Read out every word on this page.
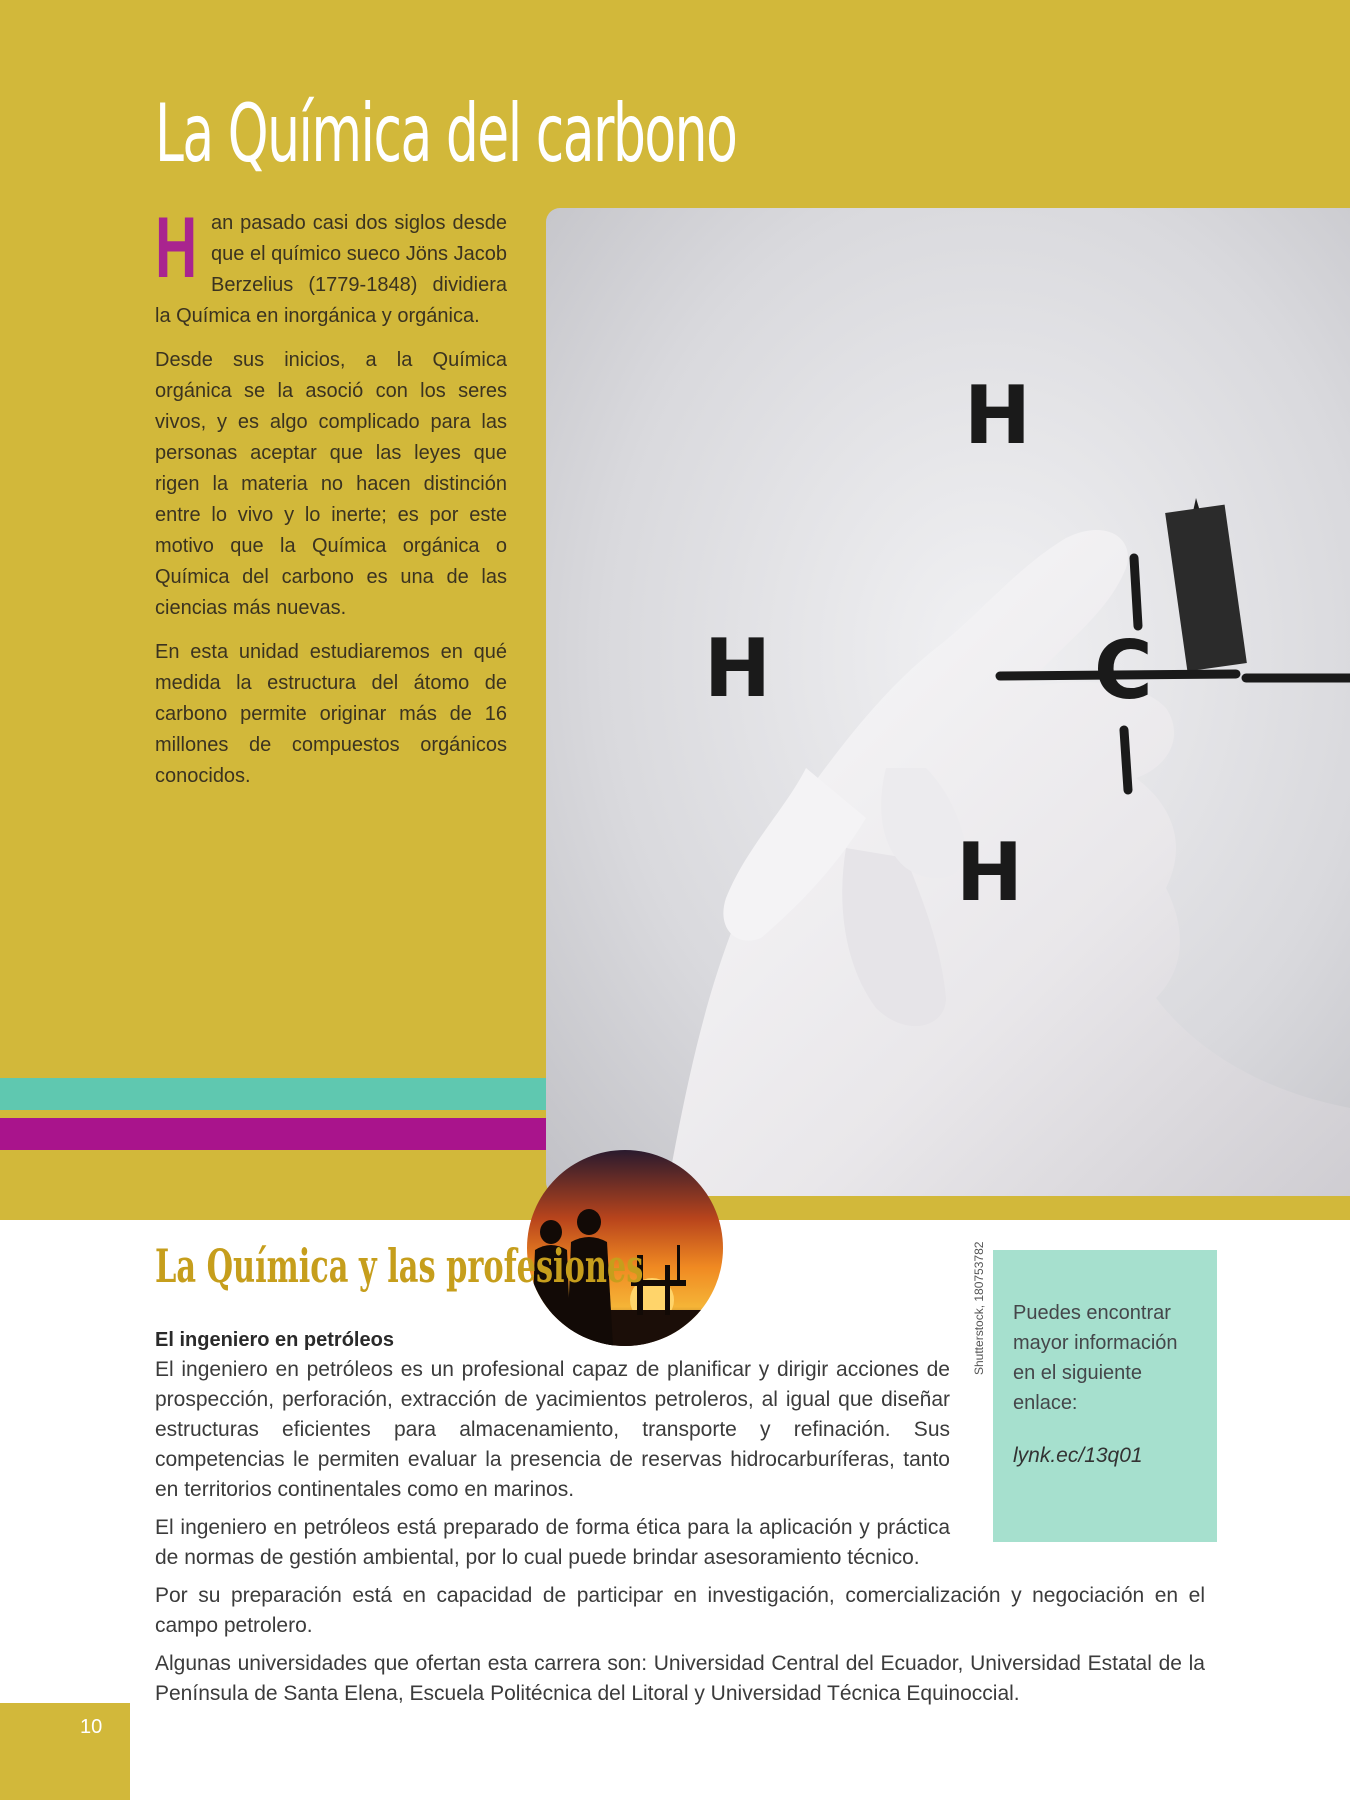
La Química del carbono

Han pasado casi dos siglos desde que el químico sueco Jöns Jacob Berzelius (1779-1848) dividiera la Química en inorgánica y orgánica.

Desde sus inicios, a la Química orgánica se la asoció con los seres vivos, y es algo complicado para las personas aceptar que las leyes que rigen la materia no hacen distinción entre lo vivo y lo inerte; es por este motivo que la Química orgánica o Química del carbono es una de las ciencias más nuevas.

En esta unidad estudiaremos en qué medida la estructura del átomo de carbono permite originar más de 16 millones de compuestos orgánicos conocidos.

H
H	C
H
La Química y las profesiones	Shutterstock, 180753782 Puedes encontrar mayor información en el siguiente enlace:

lynk.ec/13q01

El ingeniero en petróleos

El ingeniero en petróleos es un profesional capaz de planificar y dirigir acciones de prospección, perforación, extracción de yacimientos petroleros, al igual que diseñar estructuras eficientes para almacenamiento, transporte y refinación. Sus competencias le permiten evaluar la presencia de reservas hidrocarburíferas, tanto en territorios continentales como en marinos.

El ingeniero en petróleos está preparado de forma ética para la aplicación y práctica de normas de gestión ambiental, por lo cual puede brindar asesoramiento técnico.

Por su preparación está en capacidad de participar en investigación, comercialización y negociación en el campo petrolero.

Algunas universidades que ofertan esta carrera son: Universidad Central del Ecuador, Universidad Estatal de la Península de Santa Elena, Escuela Politécnica del Litoral y Universidad Técnica Equinoccial.

10
